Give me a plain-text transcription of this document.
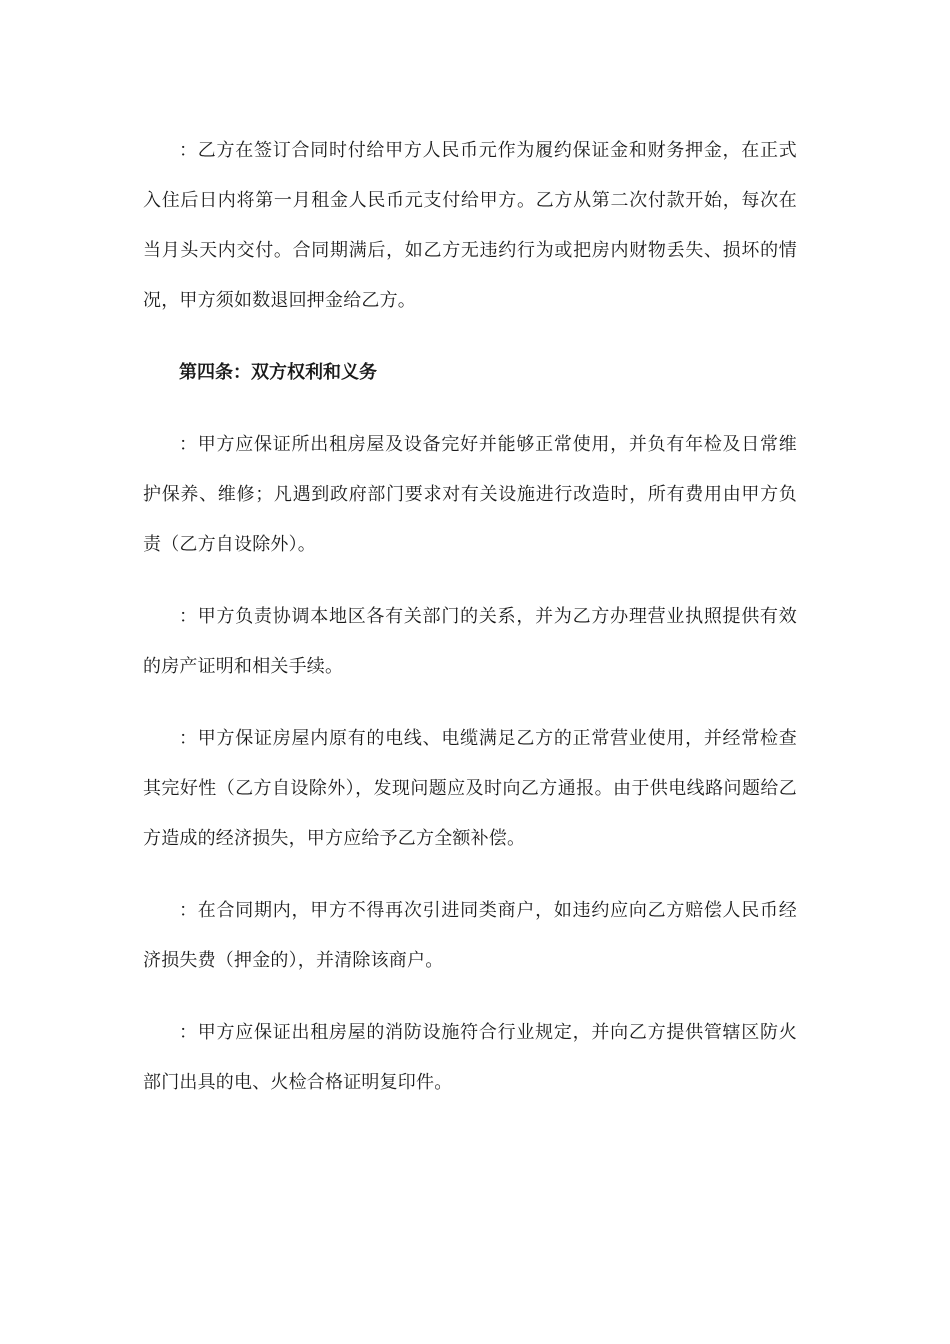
：乙方在签订合同时付给甲方人民币元作为履约保证金和财务押金，在正式入住后日内将第一月租金人民币元支付给甲方。乙方从第二次付款开始，每次在当月头天内交付。合同期满后，如乙方无违约行为或把房内财物丢失、损坏的情况，甲方须如数退回押金给乙方。

第四条：双方权利和义务

：甲方应保证所出租房屋及设备完好并能够正常使用，并负有年检及日常维护保养、维修；凡遇到政府部门要求对有关设施进行改造时，所有费用由甲方负责（乙方自设除外）。

：甲方负责协调本地区各有关部门的关系，并为乙方办理营业执照提供有效的房产证明和相关手续。

：甲方保证房屋内原有的电线、电缆满足乙方的正常营业使用，并经常检查其完好性（乙方自设除外），发现问题应及时向乙方通报。由于供电线路问题给乙方造成的经济损失，甲方应给予乙方全额补偿。

：在合同期内，甲方不得再次引进同类商户，如违约应向乙方赔偿人民币经济损失费（押金的），并清除该商户。

：甲方应保证出租房屋的消防设施符合行业规定，并向乙方提供管辖区防火部门出具的电、火检合格证明复印件。
